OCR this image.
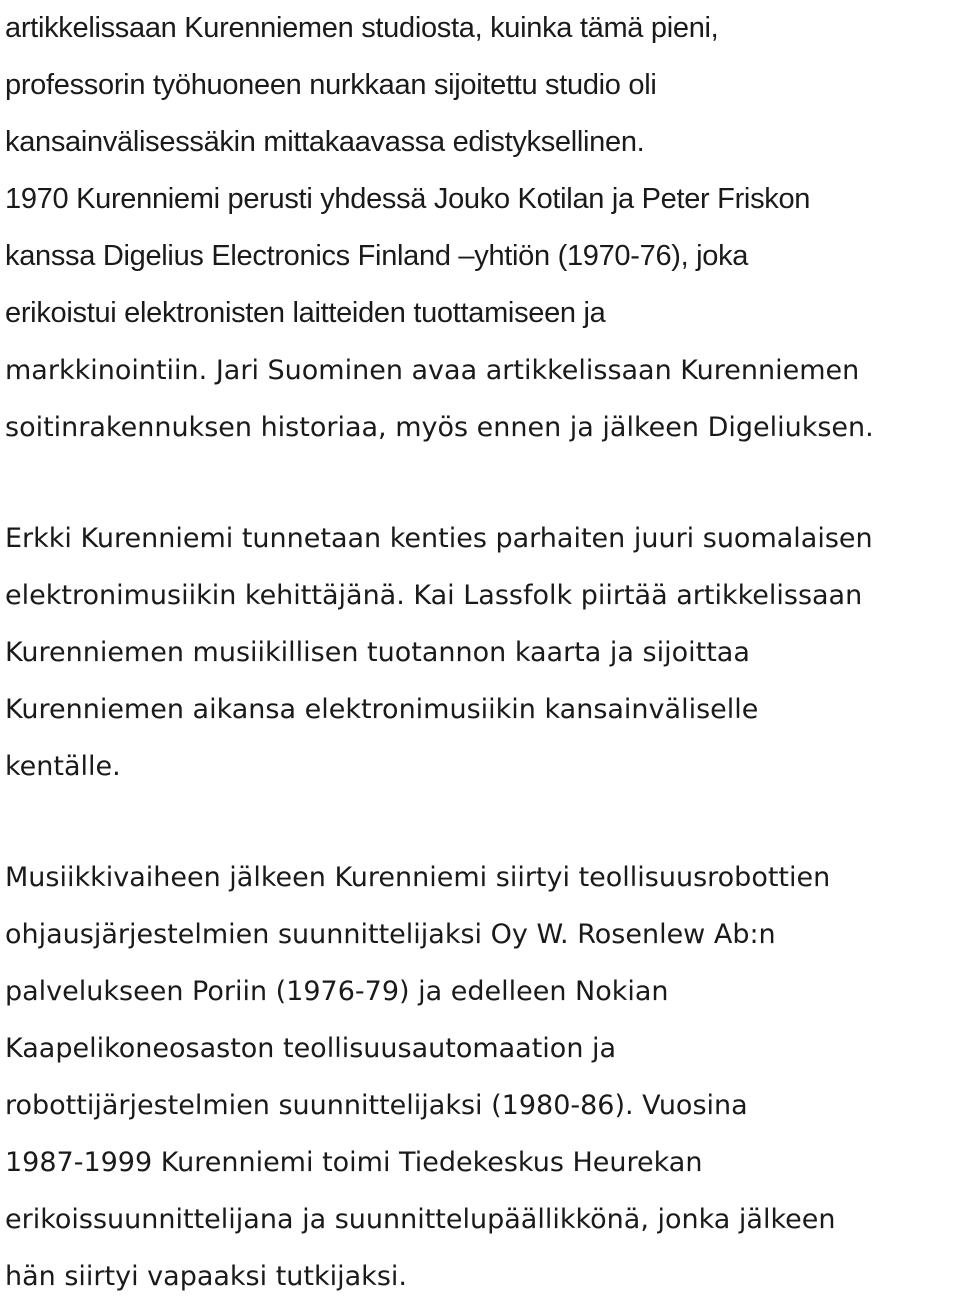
artikkelissaan Kurenniemen studiosta, kuinka tämä pieni,
professorin työhuoneen nurkkaan sijoitettu studio oli
kansainvälisessäkin mittakaavassa edistyksellinen.
1970 Kurenniemi perusti yhdessä Jouko Kotilan ja Peter Friskon
kanssa Digelius Electronics Finland –yhtiön (1970-76), joka
erikoistui elektronisten laitteiden tuottamiseen ja
markkinointiin. Jari Suominen avaa artikkelissaan Kurenniemen
soitinrakennuksen historiaa, myös ennen ja jälkeen Digeliuksen.
Erkki Kurenniemi tunnetaan kenties parhaiten juuri suomalaisen
elektronimusiikin kehittäjänä. Kai Lassfolk piirtää artikkelissaan
Kurenniemen musiikillisen tuotannon kaarta ja sijoittaa
Kurenniemen aikansa elektronimusiikin kansainväliselle
kentälle.
Musiikkivaiheen jälkeen Kurenniemi siirtyi teollisuusrobottien
ohjausjärjestelmien suunnittelijaksi Oy W. Rosenlew Ab:n
palvelukseen Poriin (1976-79) ja edelleen Nokian
Kaapelikoneosaston teollisuusautomaation ja
robottijärjestelmien suunnittelijaksi (1980-86). Vuosina
1987-1999 Kurenniemi toimi Tiedekeskus Heurekan
erikoissuunnittelijana ja suunnittelupäällikkönä, jonka jälkeen
hän siirtyi vapaaksi tutkijaksi.
